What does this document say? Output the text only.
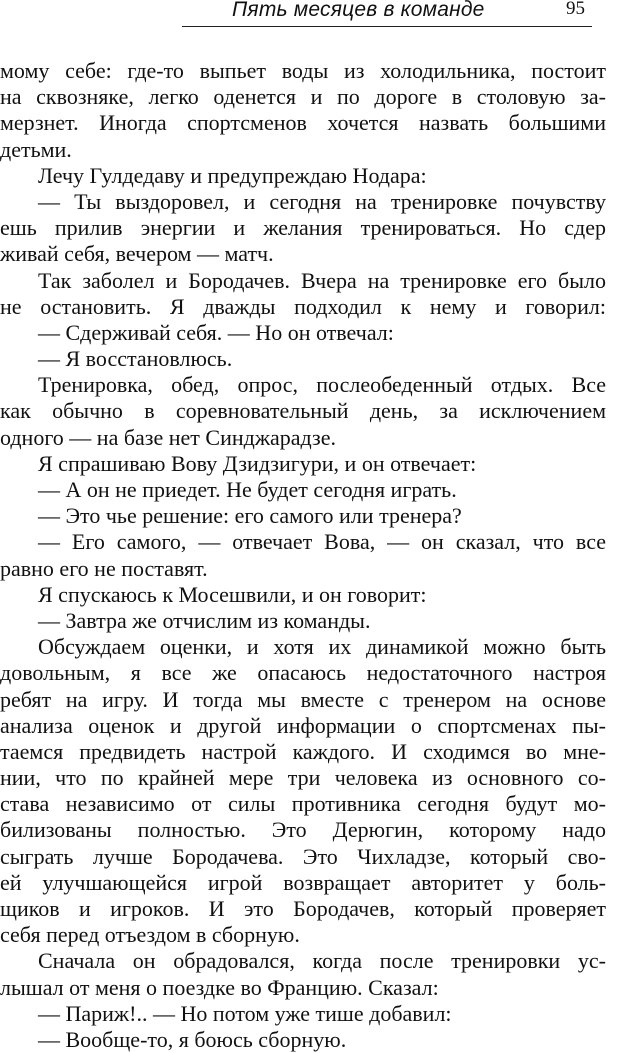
Пять месяцев в команде	95
мому себе: где-то выпьет воды из холодильника, постоит
на сквозняке, легко оденется и по дороге в столовую за-
мерзнет. Иногда спортсменов хочется назвать большими
детьми.
Лечу Гулдедаву и предупреждаю Нодара:
— Ты выздоровел, и сегодня на тренировке почувству
ешь прилив энергии и желания тренироваться. Но сдер
живай себя, вечером — матч.
Так заболел и Бородачев. Вчера на тренировке его было
не остановить. Я дважды подходил к нему и говорил:
— Сдерживай себя. — Но он отвечал:
— Я восстановлюсь.
Тренировка, обед, опрос, послеобеденный отдых. Все
как обычно в соревновательный день, за исключением
одного — на базе нет Синджарадзе.
Я спрашиваю Вову Дзидзигури, и он отвечает:
— А он не приедет. Не будет сегодня играть.
— Это чье решение: его самого или тренера?
— Его самого, — отвечает Вова, — он сказал, что все
равно его не поставят.
Я спускаюсь к Мосешвили, и он говорит:
— Завтра же отчислим из команды.
Обсуждаем оценки, и хотя их динамикой можно быть
довольным, я все же опасаюсь недостаточного настроя
ребят на игру. И тогда мы вместе с тренером на основе
анализа оценок и другой информации о спортсменах пы-
таемся предвидеть настрой каждого. И сходимся во мне-
нии, что по крайней мере три человека из основного со-
става независимо от силы противника сегодня будут мо-
билизованы полностью. Это Дерюгин, которому надо
сыграть лучше Бородачева. Это Чихладзе, который сво-
ей улучшающейся игрой возвращает авторитет у боль-
щиков и игроков. И это Бородачев, который проверяет
себя перед отъездом в сборную.
Сначала он обрадовался, когда после тренировки ус-
лышал от меня о поездке во Францию. Сказал:
— Париж!.. — Но потом уже тише добавил:
— Вообще-то, я боюсь сборную.
